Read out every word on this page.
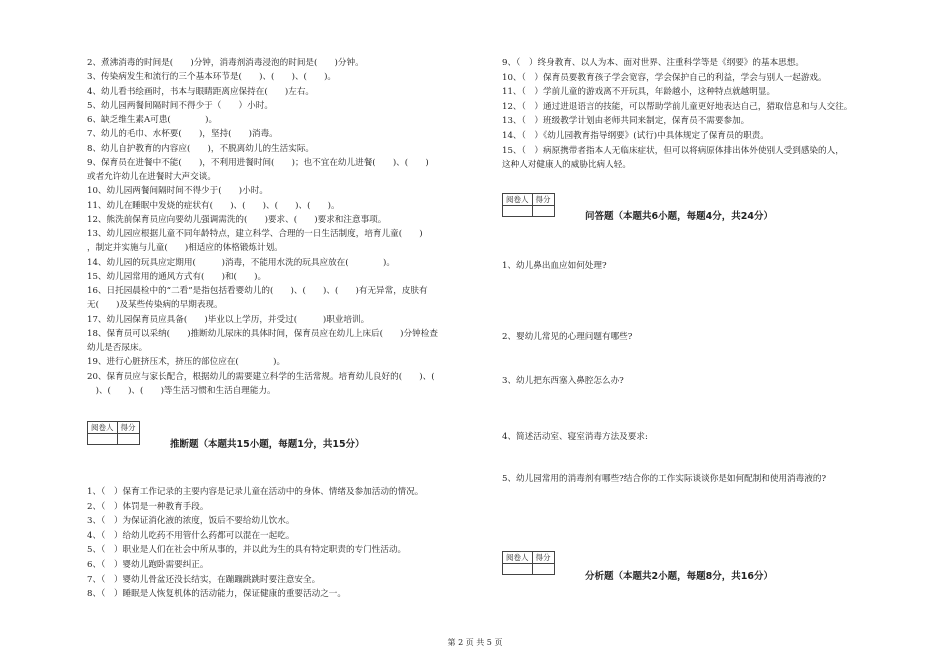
2、煮沸消毒的时间是(　　)分钟，消毒剂消毒浸泡的时间是(　　)分钟。
3、传染病发生和流行的三个基本环节是(　　)、(　　)、(　　)。
4、幼儿看书绘画时，书本与眼睛距离应保持在(　　)左右。
5、幼儿园两餐间隔时间不得少于（　　）小时。
6、缺乏维生素A可患(　　　　)。
7、幼儿的毛巾、水杯要(　　)，坚持(　　)消毒。
8、幼儿自护教育的内容应(　　)，不脱离幼儿的生活实际。
9、保育员在进餐中不能(　　)，不利用进餐时间(　　)；也不宜在幼儿进餐(　　)、(　　)
或者允许幼儿在进餐时大声交谈。
10、幼儿园两餐间隔时间不得少于(　　)小时。
11、幼儿在睡眠中发烧的症状有(　　)、(　　)、(　　)、(　　)。
12、熊洗前保育员应向要幼儿强调需洗的(　　)要求、(　　)要求和注意事项。
13、幼儿园应根据儿童不同年龄特点，建立科学、合理的一日生活制度，培育儿童(　　)
，制定并实施与儿童(　　)相适应的体格锻炼计划。
14、幼儿园的玩具应定期用(　　　)消毒，不能用水洗的玩具应放在(　　　　)。
15、幼儿园常用的通风方式有(　　)和(　　)。
16、日托园晨检中的“二看”是指包括看婴幼儿的(　　)、(　　)、(　　)有无异常，皮肤有
无(　　)及某些传染病的早期表现。
17、幼儿园保育员应具备(　　)毕业以上学历，并受过(　　　)职业培训。
18、保育员可以采纳(　　)推断幼儿尿床的具体时间，保育员应在幼儿上床后(　　)分钟检查
幼儿是否尿床。
19、进行心脏挤压术，挤压的部位应在(　　　　)。
20、保育员应与家长配合，根据幼儿的需要建立科学的生活常规。培育幼儿良好的(　　)、(
　)、(　　)、(　　)等生活习惯和生活自理能力。
阅卷人	得分

推断题（本题共15小题，每题1分，共15分）
1、（　）保育工作记录的主要内容是记录儿童在活动中的身体、情绪及参加活动的情况。
2、（　）体罚是一种教育手段。
3、（　）为保证消化液的浓度，饭后不要给幼儿饮水。
4、（　）给幼儿吃药不用管什么药都可以混在一起吃。
5、（　）职业是人们在社会中所从事的，并以此为生的具有特定职责的专门性活动。
6、（　）婴幼儿跑卧需要纠正。
7、（　）婴幼儿骨盆还没长结实，在蹦蹦跳跳时要注意安全。
8、（　）睡眠是人恢复机体的活动能力，保证健康的重要活动之一。
9、（　）终身教育、以人为本、面对世界、注重科学等是《纲要》的基本思想。
10、（　）保育员要教育孩子学会宽容，学会保护自己的利益，学会与别人一起游戏。
11、（　）学前儿童的游戏离不开玩具，年龄越小，这种特点就越明显。
12、（　）通过进退语言的技能，可以帮助学前儿童更好地表达自己，猎取信息和与人交往。
13、（　）班级教学计划由老师共同来制定，保育员不需要参加。
14、（　）《幼儿园教育指导纲要》(试行)中具体规定了保育员的职责。
15、（　）病原携带者指本人无临床症状，但可以将病原体排出体外使别人受到感染的人，
这种人对健康人的威胁比病人轻。
阅卷人	得分

问答题（本题共6小题，每题4分，共24分）
1、幼儿鼻出血应如何处理?
2、婴幼儿常见的心理问题有哪些?
3、幼儿把东西塞入鼻腔怎么办?
4、简述活动室、寝室消毒方法及要求:
5、幼儿园常用的消毒剂有哪些?结合你的工作实际谈谈你是如何配制和使用消毒液的?
阅卷人	得分

分析题（本题共2小题，每题8分，共16分）
第 2 页 共 5 页
